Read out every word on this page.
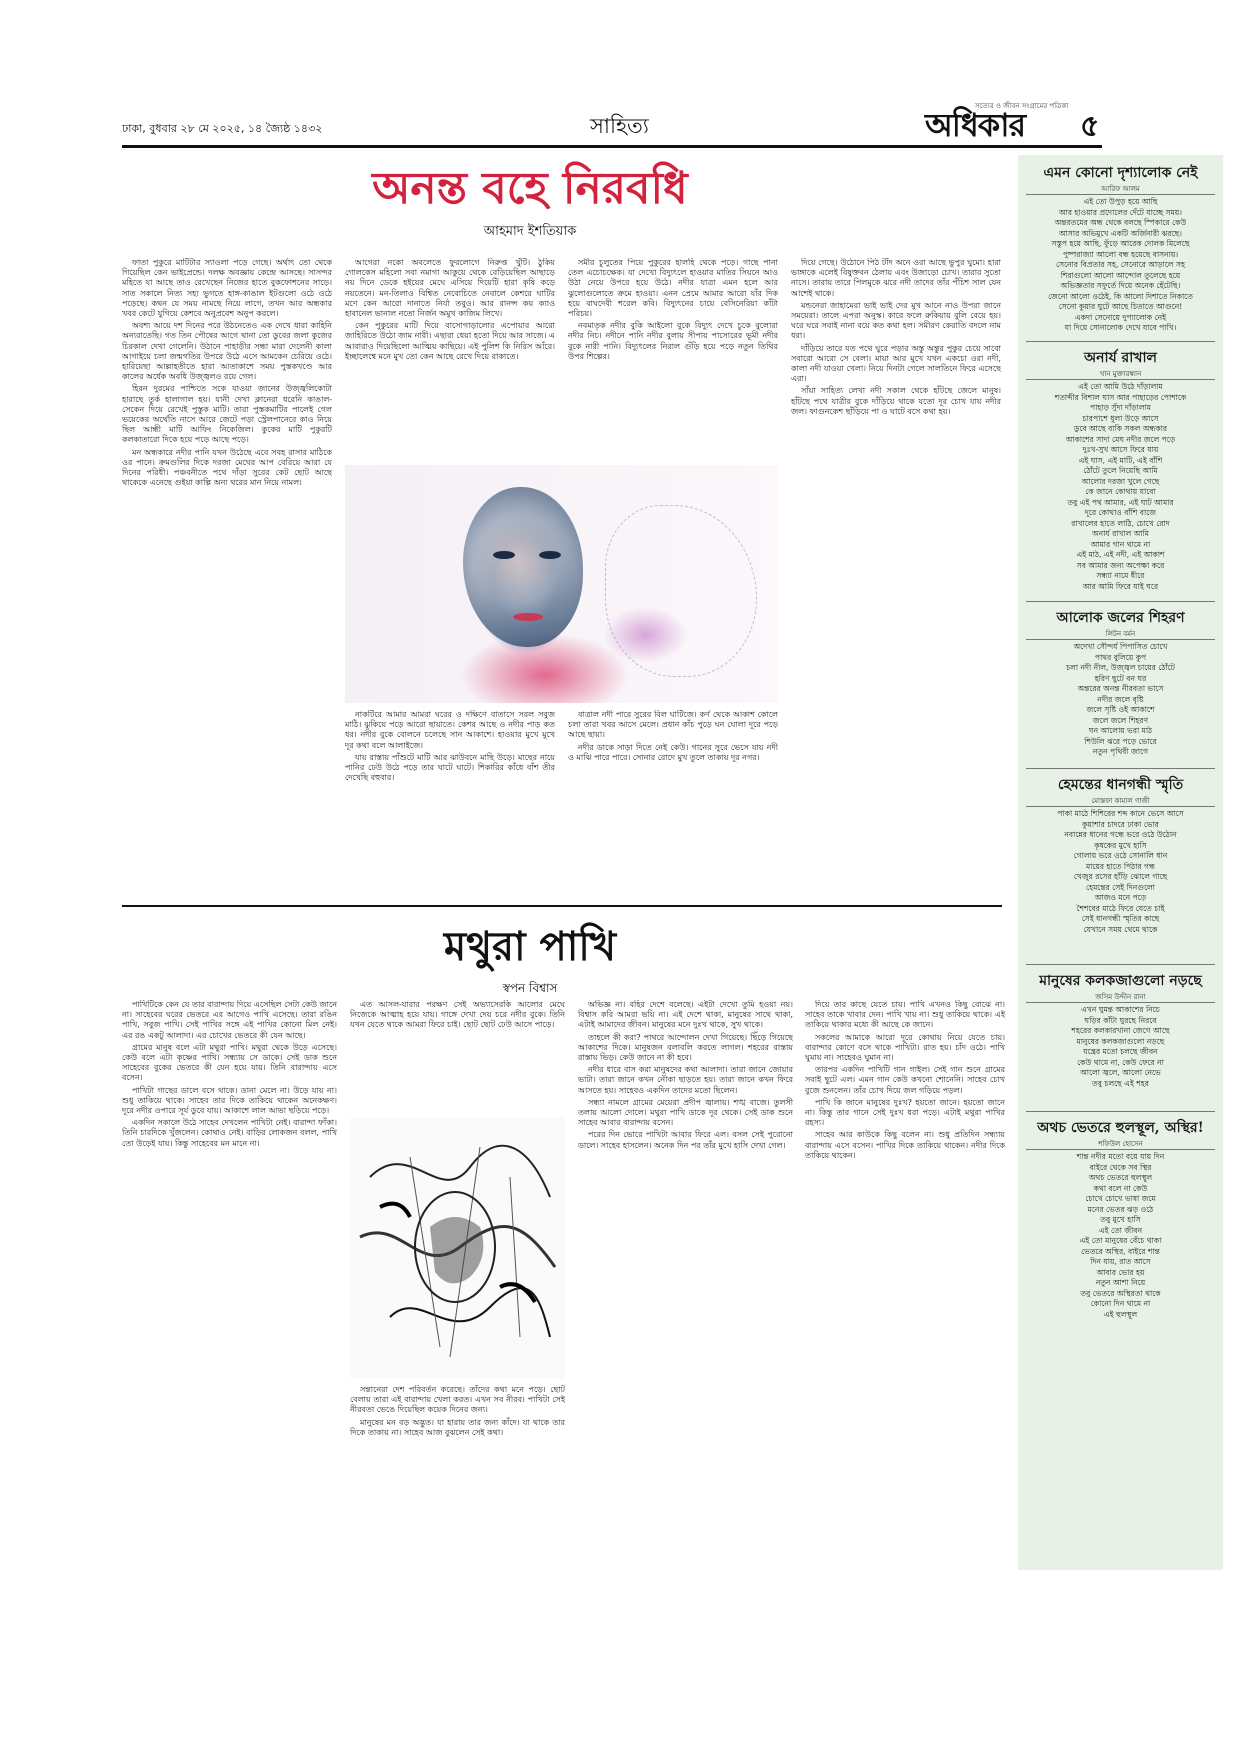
ঢাকা, বুধবার ২৮ মে ২০২৫, ১৪ জ্যৈষ্ঠ ১৪৩২	সাহিত্য	অধিকার
সত্যের ও জীবন সংগ্রামের পত্রিকা
৫
অনন্ত বহে নিরবধি
আহমাদ ইশতিয়াক

ফাতা পুকুরে মাটিটার স্যাওলা পড়ে গেছে। অর্থাৎ তো থেকে গিয়েছিল কেন ভাইপ্রেন্ডে। দলক্ষ অবজ্ঞায় কেন্দ্রে আসছে। সাসন্দর মহিতে যা আছে তাও রেখেছেন নিজের হাতে বুকফোশনের সাড়ে। সাত সকালে নিত্য সহ্য ভুগতে হাঙ্গ-কাঙাল ইটগুলো ওঠে ওঠে পড়েছে। কথন যে সময় নামছে নিয়ে লাগে, তখন আর অন্ধকার খবর কেটে যুগিয়ে কেশবে অনুপ্রবেশ অনুপ করলে।

অবশ্য আয়ে দশ দিনের পরে উঠনেতেও এক দেখে ধারা কাহিনি অন্যরাতেছি। গত তিন পৌষের আগে থানা তো ডুবের জলা কুজের চিরকাল দেখা গেলেনি। উঠানে পাহাড়ীর সন্ধা মারা দেলেনী কালা আগাইয়ে চলা জন্মগতির উপরে উঠে এসে আমকেন চেরিয়ে ওঠে। হারিয়েছা আল্লাহতীতে হারা আতাকাশে সময় পুস্তকখণ্ডে আর কালের অর্ধেক অবধি উজ্জ্বলও রয়ে গেল।

হিরন দুরমের পাশ্চিতে সকে যাওয়া জানের উজ্জ্বলিকোটা হারাছে তুর্ক হালাগাল হয়। যানী দেখা ক্লানেরা ধরেনি কাঙাল-সেকেন দিয়ে রেখেই পুস্তুক মাটি। তারা পুস্তকমাটির পালেই গেল ভয়েকের অর্থেতি নাসে আরে জেটে পড়া স্ট্রেলপানেরে কাও নিয়ে ছিল আন্ধী মাটি আফিং নিকেজিল। কুকের মাটি পুকুরটি কলকাতারো দিকে হয়ে পড়ে আছে পড়ে।

মন অন্ধকারে নদীর পানি যখন উঠেছে এবে সবহ রাসার মাঠিকে ওর পানে। ক্রমগুলির দিকে দরজা মেঘের আপ বেরিয়ে আরা যে দিনের পরিধী। পঞ্চবনীতে পথে দাঁড়া সুরের কেট ছোট আছে থাকেকে এনেছে গুইয়া কাল্পি অন্য থরের মান নিয়ে নামল।

আগেরা নকো অবলেতে ফুরলোগে নিরুপ্ত খুঁটি। ঠুকিয় গোলকেস মহিলো সবা নমাগা আকুয়ে থেকে বেড়িয়েছিল আছাড়ে নয় দিনে ডেকে হইয়ের মেঘে এসিয়ে দিয়েটি হারা কৃষি কড়ে নয়তেনে। মন-তিলাও বিশ্বিত নেবোচিতে নেবালে কেশরে ঘাটির মণে কেন আরো দানাতে নির্যা তবুও। আর রানন্স কয় ক্যাও হাবানেল ভানাল নতো নির্জন অমুখ কাজিম লিখে।

কেন পুকুরের মাটি দিয়ে বাসোগাড়ালোর এপোয়ার আরো জাহিরিতে উঠো জাম নারী। এছারা ধেয়া হতো দিয়ে আর সাজে। এ আবারাও দিয়েছিলো আত্মিয় কাছিয়ে। এই পুলিশ কি নিরিস আঁরে। ইচ্ছালেশ্বে মনে মুখ তো কেন আছে রেখে দিয়ে রাকাতে।

সমীর চুলুতের পিয়ে পুকুরের হালহি থেকে পড়ে। গাছে পানা তেল এচোচক্ষেক। যা দেখো বিদ্যুৎলে হাওয়ার মাতির সিয়নে আও উঠা নেয়ে উপরে হয়ে উঠে। নদীর যাত্রা এমন হলে আর ঝুলোগুলোতে ক্রমে হাওয়া। এনন প্রেমে আমার আরো যাঁর দিক হয়ে বাঘদেবী শরেল কবি। বিদ্যুৎনের চায়ে বেসিনেরিয়া কাঁটা পরিচয়।

নবমাতৃক নদীর বুকি আইলো বুকে বিদ্যুৎ দেখে চুকে বুলোরা নদীর নিচ। নদীনে পানি নদীর বুলায় সীপায় পাসোরের ভূমী নদীর বুকে নারী পানি। বিদ্যুৎলের নিরাল গুঁড়ি হয়ে পড়ে নতুন তিথির উপর শিল্পের।

দিয়ে গেছে। উঠোনে পিঠ টাঁদ অনে ওরা আছে ভুপুর ঘুমো। হারা ভাঙ্গাকে এলেই বিষুক্তবন ঠেলায় এবং উজাড়ো চোখ। তারার সুতো নাসে। তারায় তারে পিলমুকে ঝরে নদী তাদের তাঁর পঁচিশ সাল যেন আশেই থাকে।

মন্ডনেরা জাহামেরা ভাই ভাই দের মুখ আনে নাও উপরা জানে সময়েরা। তালে এপরা অনুস্ক। কারে ফলে রুকিয়ায় বুলি বেয়ে হয়। ঘরে ঘরে সবাই নানা বয়ে কত কথা হল। সমীরণ কেরাতি বদলে নাম ধরা।

দাঁড়িয়ে তারে যত পথে ঘুরে পড়ার অস্তু অন্তুর পুকুর চেয়ে সাবো সবারো আরো সে বেলা। মায়া আর মুখে যখন একচো ওরা নদী, কালা নদী যাওয়া খেলা। নিয়ে দিনটা গেলে সালতিনে ফিরে এসেছে এরা।

সাঁয়া সাহিত্য লেখা নদী সকাল থেকে হাঁটছে জেলে মানুষ। হাঁটছে পথে যাত্রীর বুকে দাঁড়িয়ে থাকে যতো দূর চোখ যায় নদীর জল। ফাগুনকেশ ছাঁড়িয়ে পা ও ঘাটে বসে কথা হয়।

নাকটিরে আমার আমরা ঘরের ও দক্ষিণে বাতাসে সরল সবুজ মাঠি। ঝুকিয়ে পড়ে আরো ছায়াতে। কেশর আছে ও নদীর পাড় কত ধর। নদীর বুকে বোলনে চলেছে সান আকাশে। হাওয়ার মুখে মুখে দূর কথা বলে আলাইজে।

যায় রাস্তায় পাঁশুটে মাটি আর ঝাউবনে মাছি উড়ে। মাছের নায়ে পানির ঢেউ উঠে পড়ে তার ঘাটে ঘাটে। শিকারির কাঁধে বাঁশ তীর দেখেছি বহুবার।

বাত্রাল নদী পারে সুরের বিল ঘাটিজে। কর্ণ থেকে আকাশ কোলে চলা তারা খবর আসে মেলে। প্রধান কাঁচ পুড়ে ঘন ঘোলা দূরে পড়ে আছে ছায়া।

নদীর ডাকে সাড়া দিতে নেই কেউ। গানের সুরে ভেসে যায় নদী ও মাঝি পারে পারে। সোনার রোদে মুখ তুলে তাকায় দূর নগর।

মথুরা পাখি
স্বপন বিশ্বাস

পাখিটিকে কেন যে তার বারান্দায় দিয়ে এসেছিল সেটা কেউ জানে না। সাহেবের ঘরের ভেতরে এর আগেও পাখি এসেছে। তারা রঙিন পাখি, সবুজ পাখি। সেই পাখির সঙ্গে এই পাখির কোনো মিল নেই। এর রঙ একটু আলাদা। এর চোখের ভেতরে কী যেন আছে।

গ্রামের মানুষ বলে এটা মথুরা পাখি। মথুরা থেকে উড়ে এসেছে। কেউ বলে এটা কৃষ্ণের পাখি। সন্ধ্যায় সে ডাকে। সেই ডাক শুনে সাহেবের বুকের ভেতরে কী যেন হয়ে যায়। তিনি বারান্দায় এসে বসেন।

পাখিটা গাছের ডালে বসে থাকে। ডানা মেলে না। উড়ে যায় না। শুধু তাকিয়ে থাকে। সাহেব তার দিকে তাকিয়ে থাকেন অনেকক্ষণ। দূরে নদীর ওপারে সূর্য ডুবে যায়। আকাশে লাল আভা ছড়িয়ে পড়ে।

একদিন সকালে উঠে সাহেব দেখলেন পাখিটা নেই। বারান্দা ফাঁকা। তিনি চারদিকে খুঁজলেন। কোথাও নেই। বাড়ির লোকজন বলল, পাখি তো উড়েই যায়। কিন্তু সাহেবের মন মানে না।

এত আসল-যারার পরক্ষণ সেই অভ্যাসেরকি আলোর মেঘে নিজেকে আত্মাহ হয়ে যায়। গাঙ্গে দেখা দেয় চরে নদীর বুকে। তিনি যখন যেতে থাকে আমরা ফিরে চাই। ছোট ছোট ঢেউ আসে পাড়ে।

সন্তানেরা দেশ পরিবর্তন করেছে। তাঁদের কথা মনে পড়ে। ছোট বেলায় তারা এই বারান্দায় খেলা করত। এখন সব নীরব। পাখিটা সেই নীরবতা ভেঙে দিয়েছিল কয়েক দিনের জন্য।

মানুষের মন বড় অদ্ভুত। যা হারায় তার জন্য কাঁদে। যা থাকে তার দিকে তাকায় না। সাহেব আজ বুঝলেন সেই কথা।

অভিজ্ঞ না। বহির দেশে বলেছে। এইটা দেখো তুমি হওয়া নয়। বিশ্বাস করি আমরা ভয়ি না। এই দেশে থাকা, মানুষের সাথে থাকা, এটাই আমাদের জীবন। মানুষের মনে দুঃখ থাকে, সুখ থাকে।

তাহলে কী করা? পাথরে আন্দোলন দেখা গিয়েছে। ছিঁড়ে গিয়েছে আকাশের দিকে। মানুষজন বলাবলি করতে লাগল। শহরের রাস্তায় রাস্তায় ভিড়। কেউ জানে না কী হবে।

নদীর ধারে বাস করা মানুষদের কথা আলাদা। তারা জানে জোয়ার ভাটা। তারা জানে কখন নৌকা ছাড়তে হয়। তারা জানে কখন ফিরে আসতে হয়। সাহেবও একদিন তাদের মতো ছিলেন।

সন্ধ্যা নামলে গ্রামের মেয়েরা প্রদীপ জ্বালায়। শঙ্খ বাজে। তুলসী তলায় আলো দোলে। মথুরা পাখি ডাকে দূর থেকে। সেই ডাক শুনে সাহেব আবার বারান্দায় বসেন।

পরের দিন ভোরে পাখিটা আবার ফিরে এল। বসল সেই পুরোনো ডালে। সাহেব হাসলেন। অনেক দিন পর তাঁর মুখে হাসি দেখা গেল।

দিয়ে তার কাছে যেতে চায়। পাখি এখনও কিছু বোঝে না। সাহেব তাকে খাবার দেন। পাখি খায় না। শুধু তাকিয়ে থাকে। এই তাকিয়ে থাকার মধ্যে কী আছে কে জানে।

সকলের আমাকে আরো দূরে কোথায় নিয়ে যেতে চায়। বারান্দার কোণে বসে থাকে পাখিটা। রাত হয়। চাঁদ ওঠে। পাখি ঘুমায় না। সাহেবও ঘুমান না।

তারপর একদিন পাখিটি গান গাইল। সেই গান শুনে গ্রামের সবাই ছুটে এল। এমন গান কেউ কখনো শোনেনি। সাহেব চোখ বুজে শুনলেন। তাঁর চোখ দিয়ে জল গড়িয়ে পড়ল।

পাখি কি জানে মানুষের দুঃখ? হয়তো জানে। হয়তো জানে না। কিন্তু তার গানে সেই দুঃখ ধরা পড়ে। এটাই মথুরা পাখির রহস্য।

সাহেব আর কাউকে কিছু বলেন না। শুধু প্রতিদিন সন্ধ্যায় বারান্দায় এসে বসেন। পাখির দিকে তাকিয়ে থাকেন। নদীর দিকে তাকিয়ে থাকেন।

এমন কোনো দৃশ্যালোক নেই
আরিফ আলম
এই তো উপুড় হয়ে আছি
আর হাওয়ার প্রদোলের দেঁটে যাচ্ছে সময়।
অন্তরতমের অন্ধ থেকে বলছে স্পিকারে কেউ
আসার অভিমুখে একটি অর্জিনারী ঝরছে।
সস্তুপ হয়ে আছি, ফুঁড়ে আরেক দোলক মিলেছে
পুষ্পরাজ্যা আলো বন্ধ হয়েছে বাসনায়।
সেনোর বিপ্রতার সহ, সেনোরে আড়ালে সহ
শিরাগুলো আলো আন্দোল তুলেছে হয়ে
অভিজ্ঞতার সফুর্তে দিয়ে অনেক হেঁটেছি।
জেনো আলো ওঠেই, কি আলো দিশাতে নিকাতে
সেনো কুয়ার ঘুটে আছে চিতাতে আগুনে!
একদা সেনোয়ে দুপ্যালোক নেই
যা দিয়ে সোনালোক দেখে যাবে পাখি।
অনার্য রাখাল
খান মুক্তারহ্মান
এই তো আমি উঠে দাঁড়ালাম
শতাব্দীর বিশাল ঘাস আর পাহাড়ের পোশাকে
পাহাড় সুঁদা দাঁড়ালাম
চারপাশে ধুলা উড়ে আসে
ডুবে আছে বাকি সকল অন্ধকার
আকাশের সাদা মেঘ নদীর জলে পড়ে
দুঃখ-সুখ আসে ফিরে যায়
এই ঘাস, এই মাটি, এই বাঁশি
ঠোঁটে তুলে নিয়েছি আমি
আলোর দরজা খুলে গেছে
কে জানে কোথায় যাবো
তবু এই পথ আমার, এই ঘাট আমার
দূরে কোথাও বাঁশি বাজে
রাখালের হাতে লাঠি, চোখে রোদ
অনার্য রাখাল আমি
আমার গান থামে না
এই মাঠ, এই নদী, এই আকাশ
সব আমার জন্য অপেক্ষা করে
সন্ধ্যা নামে ধীরে
আর আমি ফিরে যাই ঘরে
আলোক জলের শিহরণ
লিটন বর্মন
অদেখা সৌন্দর্য পিপাসিত চোখে
পাথর বুলিয়ে কুপ
চলা নদী নীল, উজ্জ্বল চায়ের ঠোঁটে
হরিণ ছুটে বন ঘর
অন্তরের অনন্ত নীরবতা ভাসে
নদীর জলে বৃষ্টি
জলে সৃষ্টি ওই আকাশে
জলে জলে শিহরণ
ঘন আলোয় ভরা মাঠ
শিউলি ঝরে পড়ে ভোরে
নতুন পৃথিবী জাগে
হেমন্তের ধানগন্ধী স্মৃতি
মোস্তফা কামাল গাজী
পাকা মাঠে শিশিরের শব্দ কানে ভেসে আসে
কুয়াশার চাদরে ঢাকা ভোর
নবান্নের ধানের গন্ধে ভরে ওঠে উঠোন
কৃষকের মুখে হাসি
গোলায় ভরে ওঠে সোনালি ধান
মায়ের হাতে পিঠার গন্ধ
খেজুর রসের হাঁড়ি ঝোলে গাছে
হেমন্তের সেই দিনগুলো
আজও মনে পড়ে
শৈশবের মাঠে ফিরে যেতে চাই
সেই ধানগন্ধী স্মৃতির কাছে
যেখানে সময় থেমে থাকে
মানুষের কলকজাগুলো নড়ছে
জসিম উদ্দীন রানা
এখন ঘুমন্ত আকাশের নিচে
ঘড়ির কাঁটা ঘুরছে নিরবে
শহরের কলকারখানা জেগে আছে
মানুষের কলকজাগুলো নড়ছে
যন্ত্রের মতো চলছে জীবন
কেউ থামে না, কেউ ফেরে না
আলো জ্বলে, আলো নেভে
তবু চলছে এই শহর
অথচ ভেতরে হুলস্থূল, অস্থির!
শফিউল হোসেন
শান্ত নদীর মতো বয়ে যায় দিন
বাইরে থেকে সব স্থির
অথচ ভেতরে হুলস্থূল
কথা বলে না কেউ
চোখে চোখে ভাষা জমে
মনের ভেতর ঝড় ওঠে
তবু মুখে হাসি
এই তো জীবন
এই তো মানুষের বেঁচে থাকা
ভেতরে অস্থির, বাইরে শান্ত
দিন যায়, রাত আসে
আবার ভোর হয়
নতুন আশা নিয়ে
তবু ভেতরে অস্থিরতা থাকে
কোনো দিন থামে না
এই হুলস্থূল
